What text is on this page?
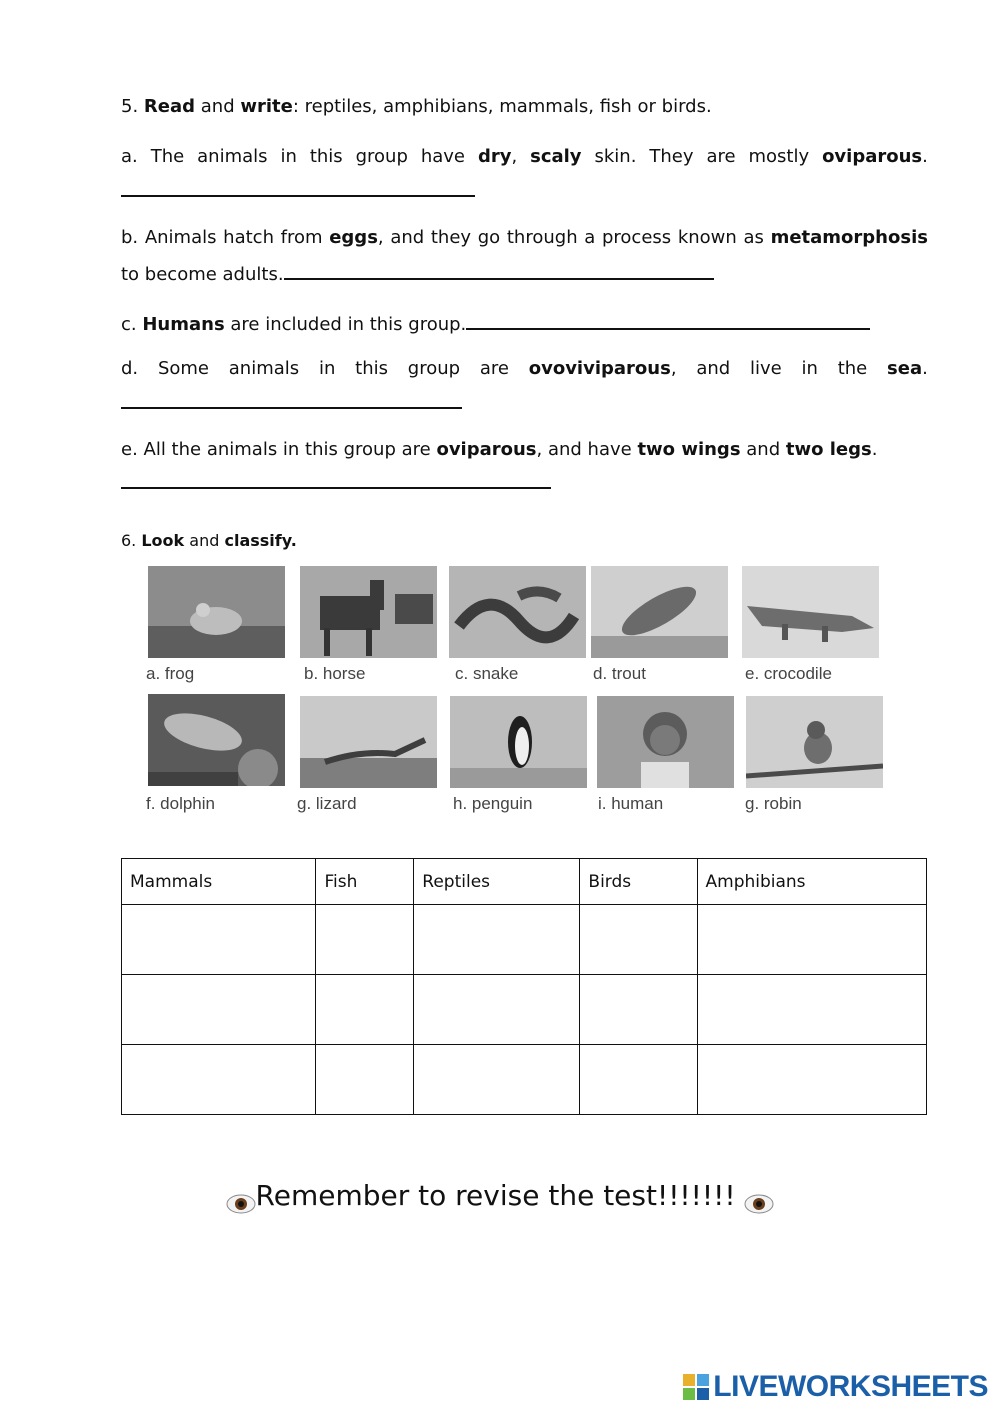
5. Read and write: reptiles, amphibians, mammals, fish or birds.
a. The animals in this group have dry, scaly skin. They are mostly oviparous.
b. Animals hatch from eggs, and they go through a process known as metamorphosis
to become adults.
c. Humans are included in this group.
d. Some animals in this group are ovoviviparous, and live in the sea.
e. All the animals in this group are oviparous, and have two wings and two legs.
6. Look and classify.
a. frog	b. horse	c. snake	d. trout	e. crocodile
f. dolphin	g. lizard	h. penguin	i. human	g. robin
Mammals	Fish	Reptiles	Birds	Amphibians

Remember to revise the test!!!!!!!
LIVEWORKSHEETS
